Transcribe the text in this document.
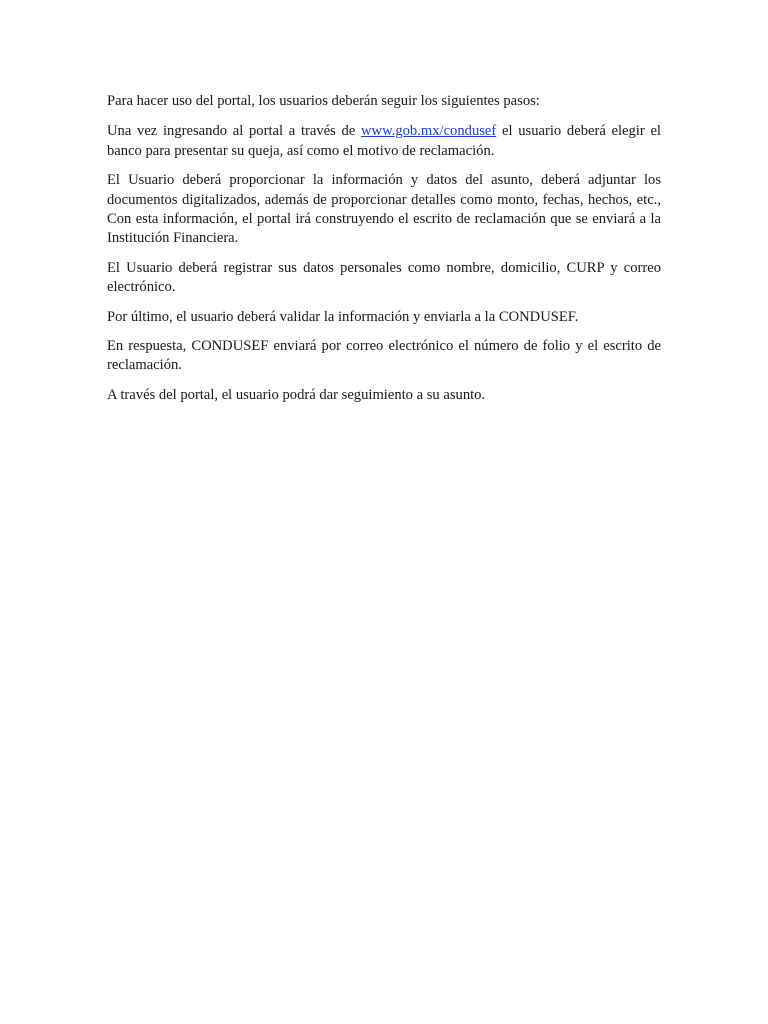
Para hacer uso del portal, los usuarios deberán seguir los siguientes pasos:

Una vez ingresando al portal a través de www.gob.mx/condusef el usuario deberá elegir el banco para presentar su queja, así como el motivo de reclamación.

El Usuario deberá proporcionar la información y datos del asunto, deberá adjuntar los documentos digitalizados, además de proporcionar detalles como monto, fechas, hechos, etc., Con esta información, el portal irá construyendo el escrito de reclamación que se enviará a la Institución Financiera.

El Usuario deberá registrar sus datos personales como nombre, domicilio, CURP y correo electrónico.

Por último, el usuario deberá validar la información y enviarla a la CONDUSEF.

En respuesta, CONDUSEF enviará por correo electrónico el número de folio y el escrito de reclamación.

A través del portal, el usuario podrá dar seguimiento a su asunto.
